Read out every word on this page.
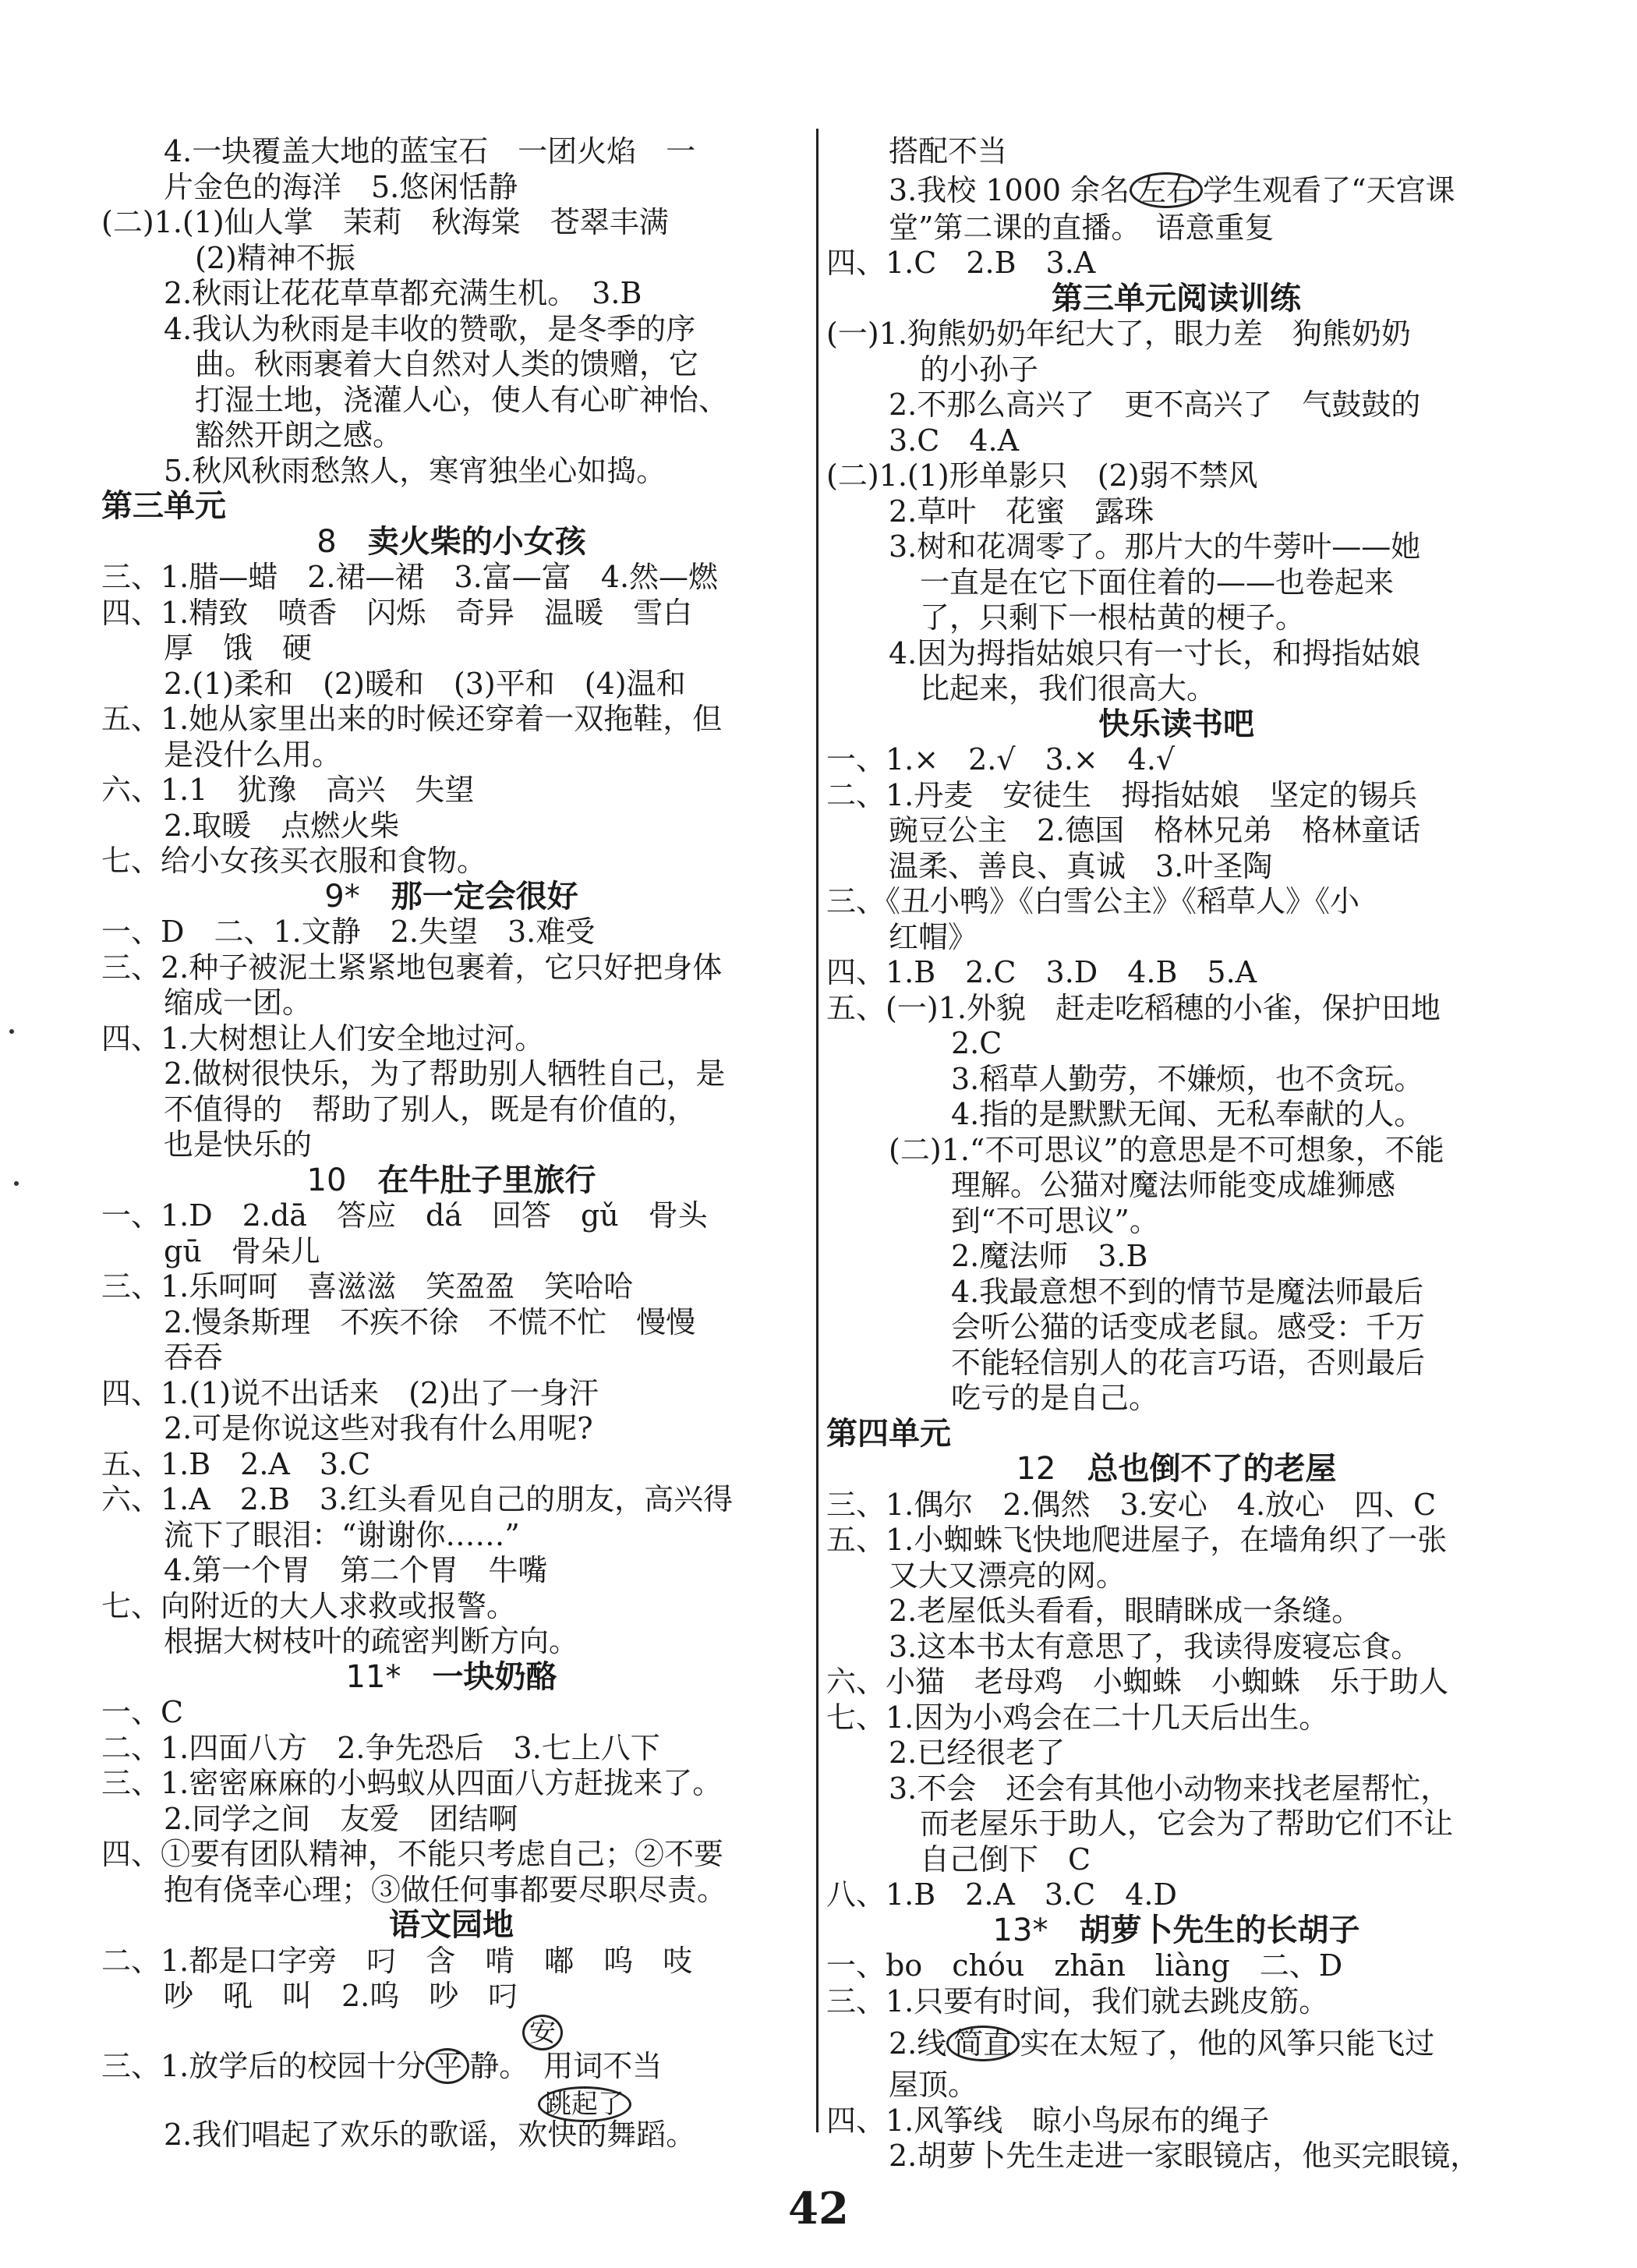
4.一块覆盖大地的蓝宝石　一团火焰　一
片金色的海洋　5.悠闲恬静
(二)1.(1)仙人掌　茉莉　秋海棠　苍翠丰满
(2)精神不振
2.秋雨让花花草草都充满生机。　3.B
4.我认为秋雨是丰收的赞歌，是冬季的序
曲。秋雨裹着大自然对人类的馈赠，它
打湿土地，浇灌人心，使人有心旷神怡、
豁然开朗之感。
5.秋风秋雨愁煞人，寒宵独坐心如捣。
第三单元
8 卖火柴的小女孩
三、1.腊—蜡　2.裙—裙　3.富—富　4.然—燃
四、1.精致　喷香　闪烁　奇异　温暖　雪白
厚　饿　硬
2.(1)柔和　(2)暖和　(3)平和　(4)温和
五、1.她从家里出来的时候还穿着一双拖鞋，但
是没什么用。
六、1.1　犹豫　高兴　失望
2.取暖　点燃火柴
七、给小女孩买衣服和食物。
9* 那一定会很好
一、D　二、1.文静　2.失望　3.难受
三、2.种子被泥土紧紧地包裹着，它只好把身体
缩成一团。
四、1.大树想让人们安全地过河。
2.做树很快乐，为了帮助别人牺牲自己，是
不值得的　帮助了别人，既是有价值的，
也是快乐的
10 在牛肚子里旅行
一、1.D　2.dā　答应　dá　回答　gǔ　骨头
gū　骨朵儿
三、1.乐呵呵　喜滋滋　笑盈盈　笑哈哈
2.慢条斯理　不疾不徐　不慌不忙　慢慢
吞吞
四、1.(1)说不出话来　(2)出了一身汗
2.可是你说这些对我有什么用呢?
五、1.B　2.A　3.C
六、1.A　2.B　3.红头看见自己的朋友，高兴得
流下了眼泪：“谢谢你……”
4.第一个胃　第二个胃　牛嘴
七、向附近的大人求救或报警。
根据大树枝叶的疏密判断方向。
11* 一块奶酪
一、C
二、1.四面八方　2.争先恐后　3.七上八下
三、1.密密麻麻的小蚂蚁从四面八方赶拢来了。
2.同学之间　友爱　团结啊
四、①要有团队精神，不能只考虑自己；②不要
抱有侥幸心理；③做任何事都要尽职尽责。
语文园地
二、1.都是口字旁　叼　含　啃　嘟　呜　吱
吵　吼　叫　2.呜　吵　叼
安
三、1.放学后的校园十分 平 静。　用词不当
跳起了
2.我们唱起了欢乐的歌谣，欢快的舞蹈。
搭配不当
3.我校 1000 余名 左右 学生观看了“天宫课
堂”第二课的直播。　语意重复
四、1.C　2.B　3.A
第三单元阅读训练
(一)1.狗熊奶奶年纪大了，眼力差　狗熊奶奶
的小孙子
2.不那么高兴了　更不高兴了　气鼓鼓的
3.C　4.A
(二)1.(1)形单影只　(2)弱不禁风
2.草叶　花蜜　露珠
3.树和花凋零了。那片大的牛蒡叶——她
一直是在它下面住着的——也卷起来
了，只剩下一根枯黄的梗子。
4.因为拇指姑娘只有一寸长，和拇指姑娘
比起来，我们很高大。
快乐读书吧
一、1.×　2.√　3.×　4.√
二、1.丹麦　安徒生　拇指姑娘　坚定的锡兵
豌豆公主　2.德国　格林兄弟　格林童话
温柔、善良、真诚　3.叶圣陶
三、《丑小鸭》《白雪公主》《稻草人》《小
红帽》
四、1.B　2.C　3.D　4.B　5.A
五、(一)1.外貌　赶走吃稻穗的小雀，保护田地
2.C
3.稻草人勤劳，不嫌烦，也不贪玩。
4.指的是默默无闻、无私奉献的人。
(二)1.“不可思议”的意思是不可想象，不能
理解。公猫对魔法师能变成雄狮感
到“不可思议”。
2.魔法师　3.B
4.我最意想不到的情节是魔法师最后
会听公猫的话变成老鼠。感受：千万
不能轻信别人的花言巧语，否则最后
吃亏的是自己。
第四单元
12 总也倒不了的老屋
三、1.偶尔　2.偶然　3.安心　4.放心　四、C
五、1.小蜘蛛飞快地爬进屋子，在墙角织了一张
又大又漂亮的网。
2.老屋低头看看，眼睛眯成一条缝。
3.这本书太有意思了，我读得废寝忘食。
六、小猫　老母鸡　小蜘蛛　小蜘蛛　乐于助人
七、1.因为小鸡会在二十几天后出生。
2.已经很老了
3.不会　还会有其他小动物来找老屋帮忙，
而老屋乐于助人，它会为了帮助它们不让
自己倒下　C
八、1.B　2.A　3.C　4.D
13* 胡萝卜先生的长胡子
一、bo　chóu　zhān　liàng　二、D
三、1.只要有时间，我们就去跳皮筋。
2.线 简直 实在太短了，他的风筝只能飞过
屋顶。
四、1.风筝线　晾小鸟尿布的绳子
2.胡萝卜先生走进一家眼镜店，他买完眼镜，
42
